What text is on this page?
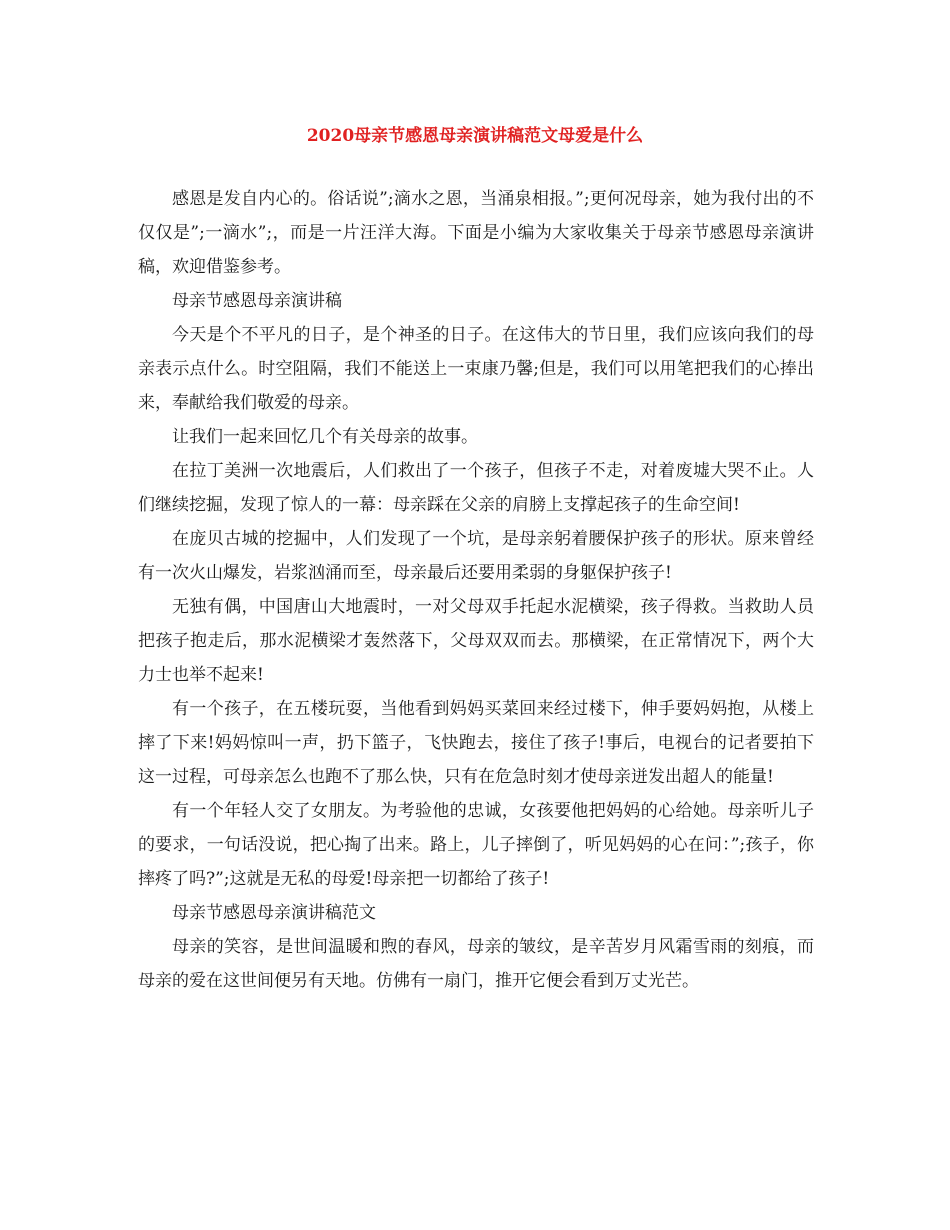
2020母亲节感恩母亲演讲稿范文母爱是什么

感恩是发自内心的。俗话说”;滴水之恩，当涌泉相报。”;更何况母亲，她为我付出的不仅仅是”;一滴水”;，而是一片汪洋大海。下面是小编为大家收集关于母亲节感恩母亲演讲稿，欢迎借鉴参考。

母亲节感恩母亲演讲稿

今天是个不平凡的日子，是个神圣的日子。在这伟大的节日里，我们应该向我们的母亲表示点什么。时空阻隔，我们不能送上一束康乃馨;但是，我们可以用笔把我们的心捧出来，奉献给我们敬爱的母亲。

让我们一起来回忆几个有关母亲的故事。

在拉丁美洲一次地震后，人们救出了一个孩子，但孩子不走，对着废墟大哭不止。人们继续挖掘，发现了惊人的一幕：母亲踩在父亲的肩膀上支撑起孩子的生命空间!

在庞贝古城的挖掘中，人们发现了一个坑，是母亲躬着腰保护孩子的形状。原来曾经有一次火山爆发，岩浆汹涌而至，母亲最后还要用柔弱的身躯保护孩子!

无独有偶，中国唐山大地震时，一对父母双手托起水泥横梁，孩子得救。当救助人员把孩子抱走后，那水泥横梁才轰然落下，父母双双而去。那横梁，在正常情况下，两个大力士也举不起来!

有一个孩子，在五楼玩耍，当他看到妈妈买菜回来经过楼下，伸手要妈妈抱，从楼上摔了下来!妈妈惊叫一声，扔下篮子，飞快跑去，接住了孩子!事后，电视台的记者要拍下这一过程，可母亲怎么也跑不了那么快，只有在危急时刻才使母亲迸发出超人的能量!

有一个年轻人交了女朋友。为考验他的忠诚，女孩要他把妈妈的心给她。母亲听儿子的要求，一句话没说，把心掏了出来。路上，儿子摔倒了，听见妈妈的心在问：”;孩子，你摔疼了吗?”;这就是无私的母爱!母亲把一切都给了孩子!

母亲节感恩母亲演讲稿范文

母亲的笑容，是世间温暖和煦的春风，母亲的皱纹，是辛苦岁月风霜雪雨的刻痕，而母亲的爱在这世间便另有天地。仿佛有一扇门，推开它便会看到万丈光芒。
